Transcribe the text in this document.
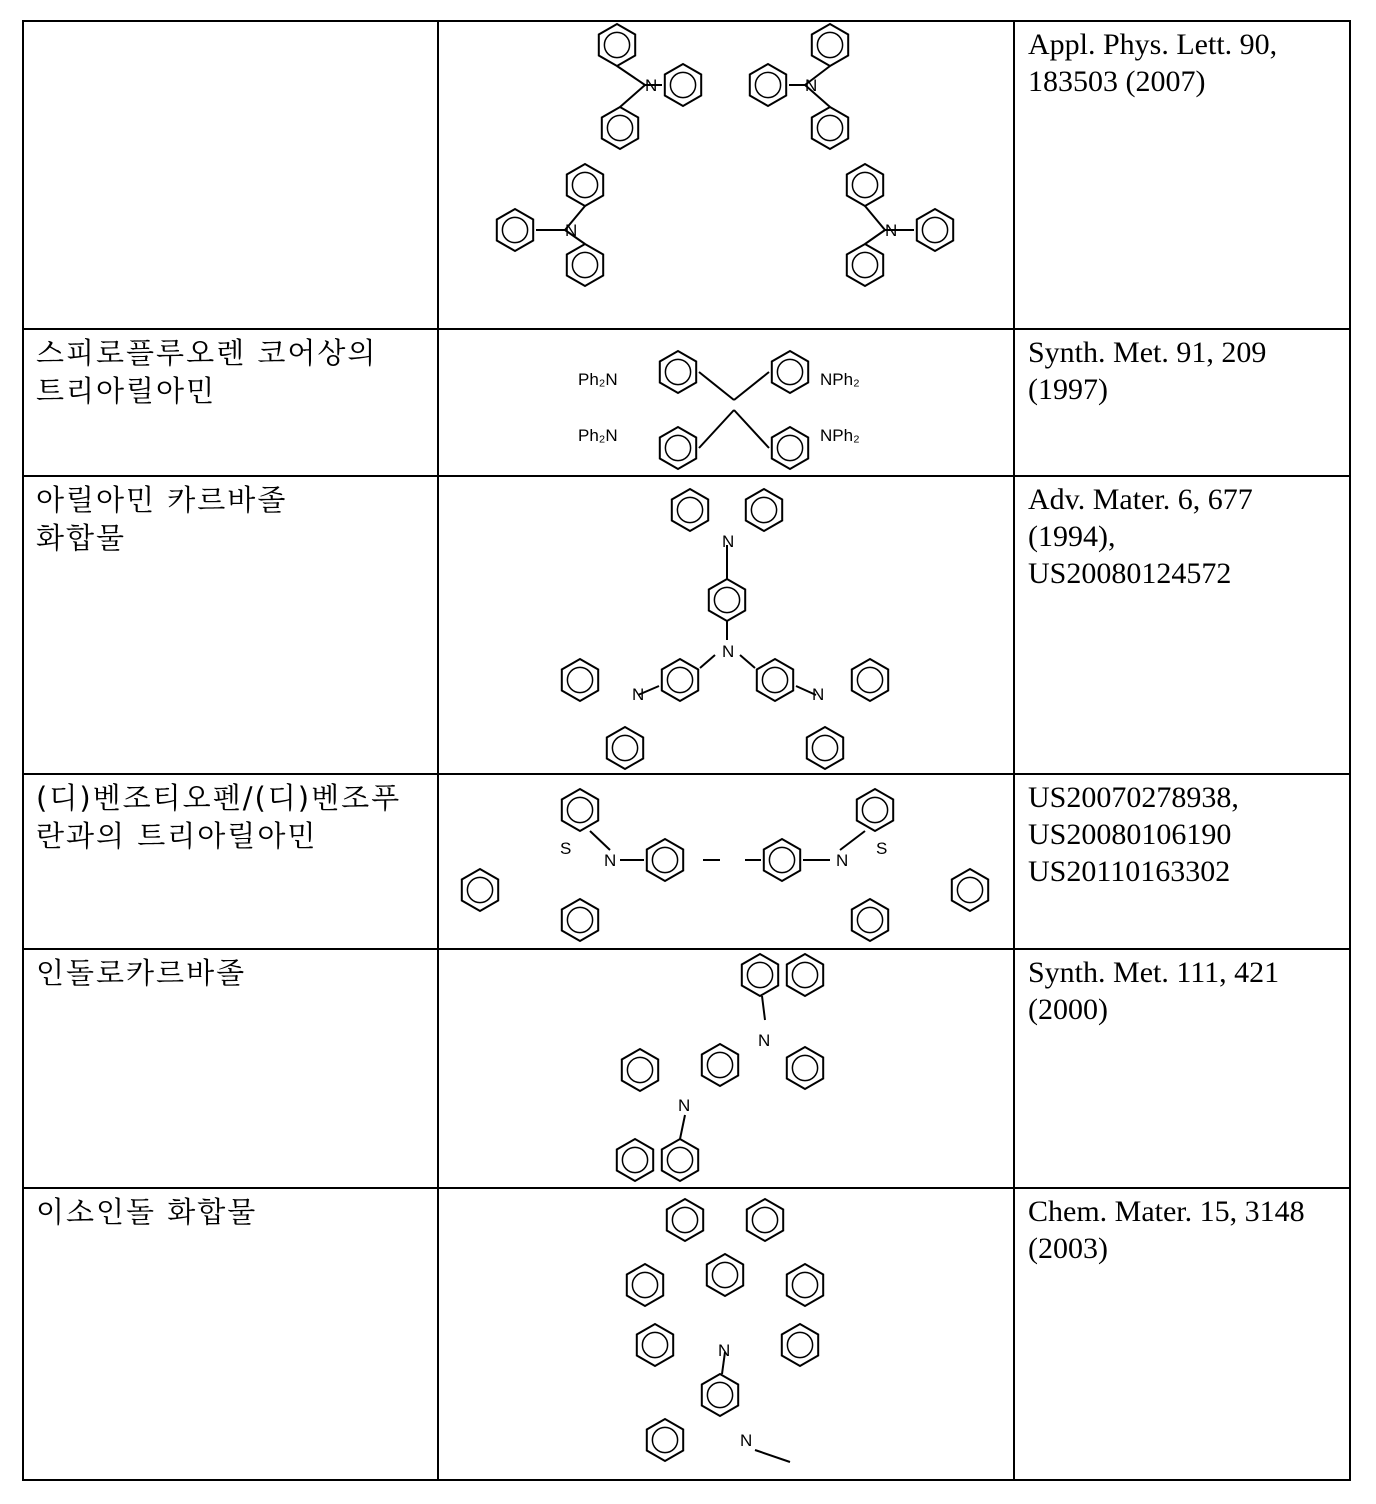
Appl. Phys. Lett. 90,
183503 (2007)
스피로플루오렌 코어상의
트리아릴아민
Synth. Met. 91, 209
(1997)
아릴아민 카르바졸
화합물
Adv. Mater. 6, 677
(1994),
US20080124572
(디)벤조티오펜/(디)벤조푸
란과의 트리아릴아민
US20070278938,
US20080106190
US20110163302
인돌로카르바졸	Synth. Met. 111, 421
(2000)
이소인돌 화합물	Chem. Mater. 15, 3148
(2003)
N	N
N	N
Ph₂N	NPh₂
Ph₂N	NPh₂
N
N
N	N
N	N
S	S
N
N
N
N
